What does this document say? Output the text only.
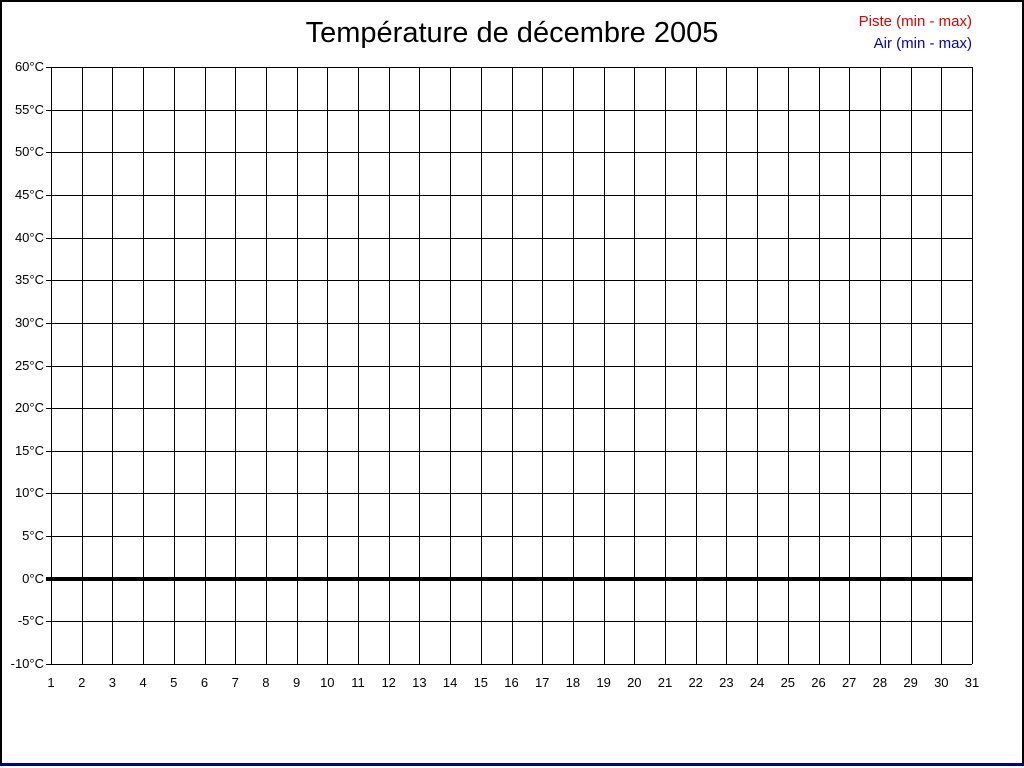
60°C
55°C
50°C
45°C
40°C
35°C
30°C
25°C
20°C
15°C
10°C
5°C
0°C
-5°C
-10°C
1	2	3	4	5	6	7	8	9	10	11	12	13	14	15	16	17	18	19	20	21	22	23	24	25	26	27	28	29	30	31
Température de décembre 2005	Piste (min - max)
Air (min - max)
